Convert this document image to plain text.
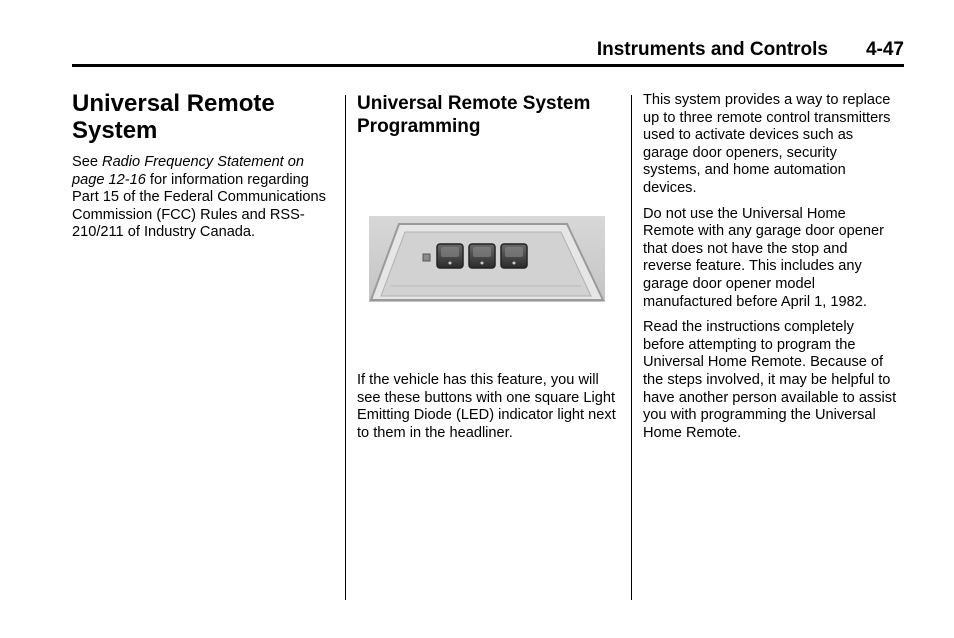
Instruments and Controls 4-47
Universal Remote System

See Radio Frequency Statement on page 12-16 for information regarding Part 15 of the Federal Communications Commission (FCC) Rules and RSS-210/211 of Industry Canada.

Universal Remote System Programming

If the vehicle has this feature, you will see these buttons with one square Light Emitting Diode (LED) indicator light next to them in the headliner.

This system provides a way to replace up to three remote control transmitters used to activate devices such as garage door openers, security systems, and home automation devices.

Do not use the Universal Home Remote with any garage door opener that does not have the stop and reverse feature. This includes any garage door opener model manufactured before April 1, 1982.

Read the instructions completely before attempting to program the Universal Home Remote. Because of the steps involved, it may be helpful to have another person available to assist you with programming the Universal Home Remote.
